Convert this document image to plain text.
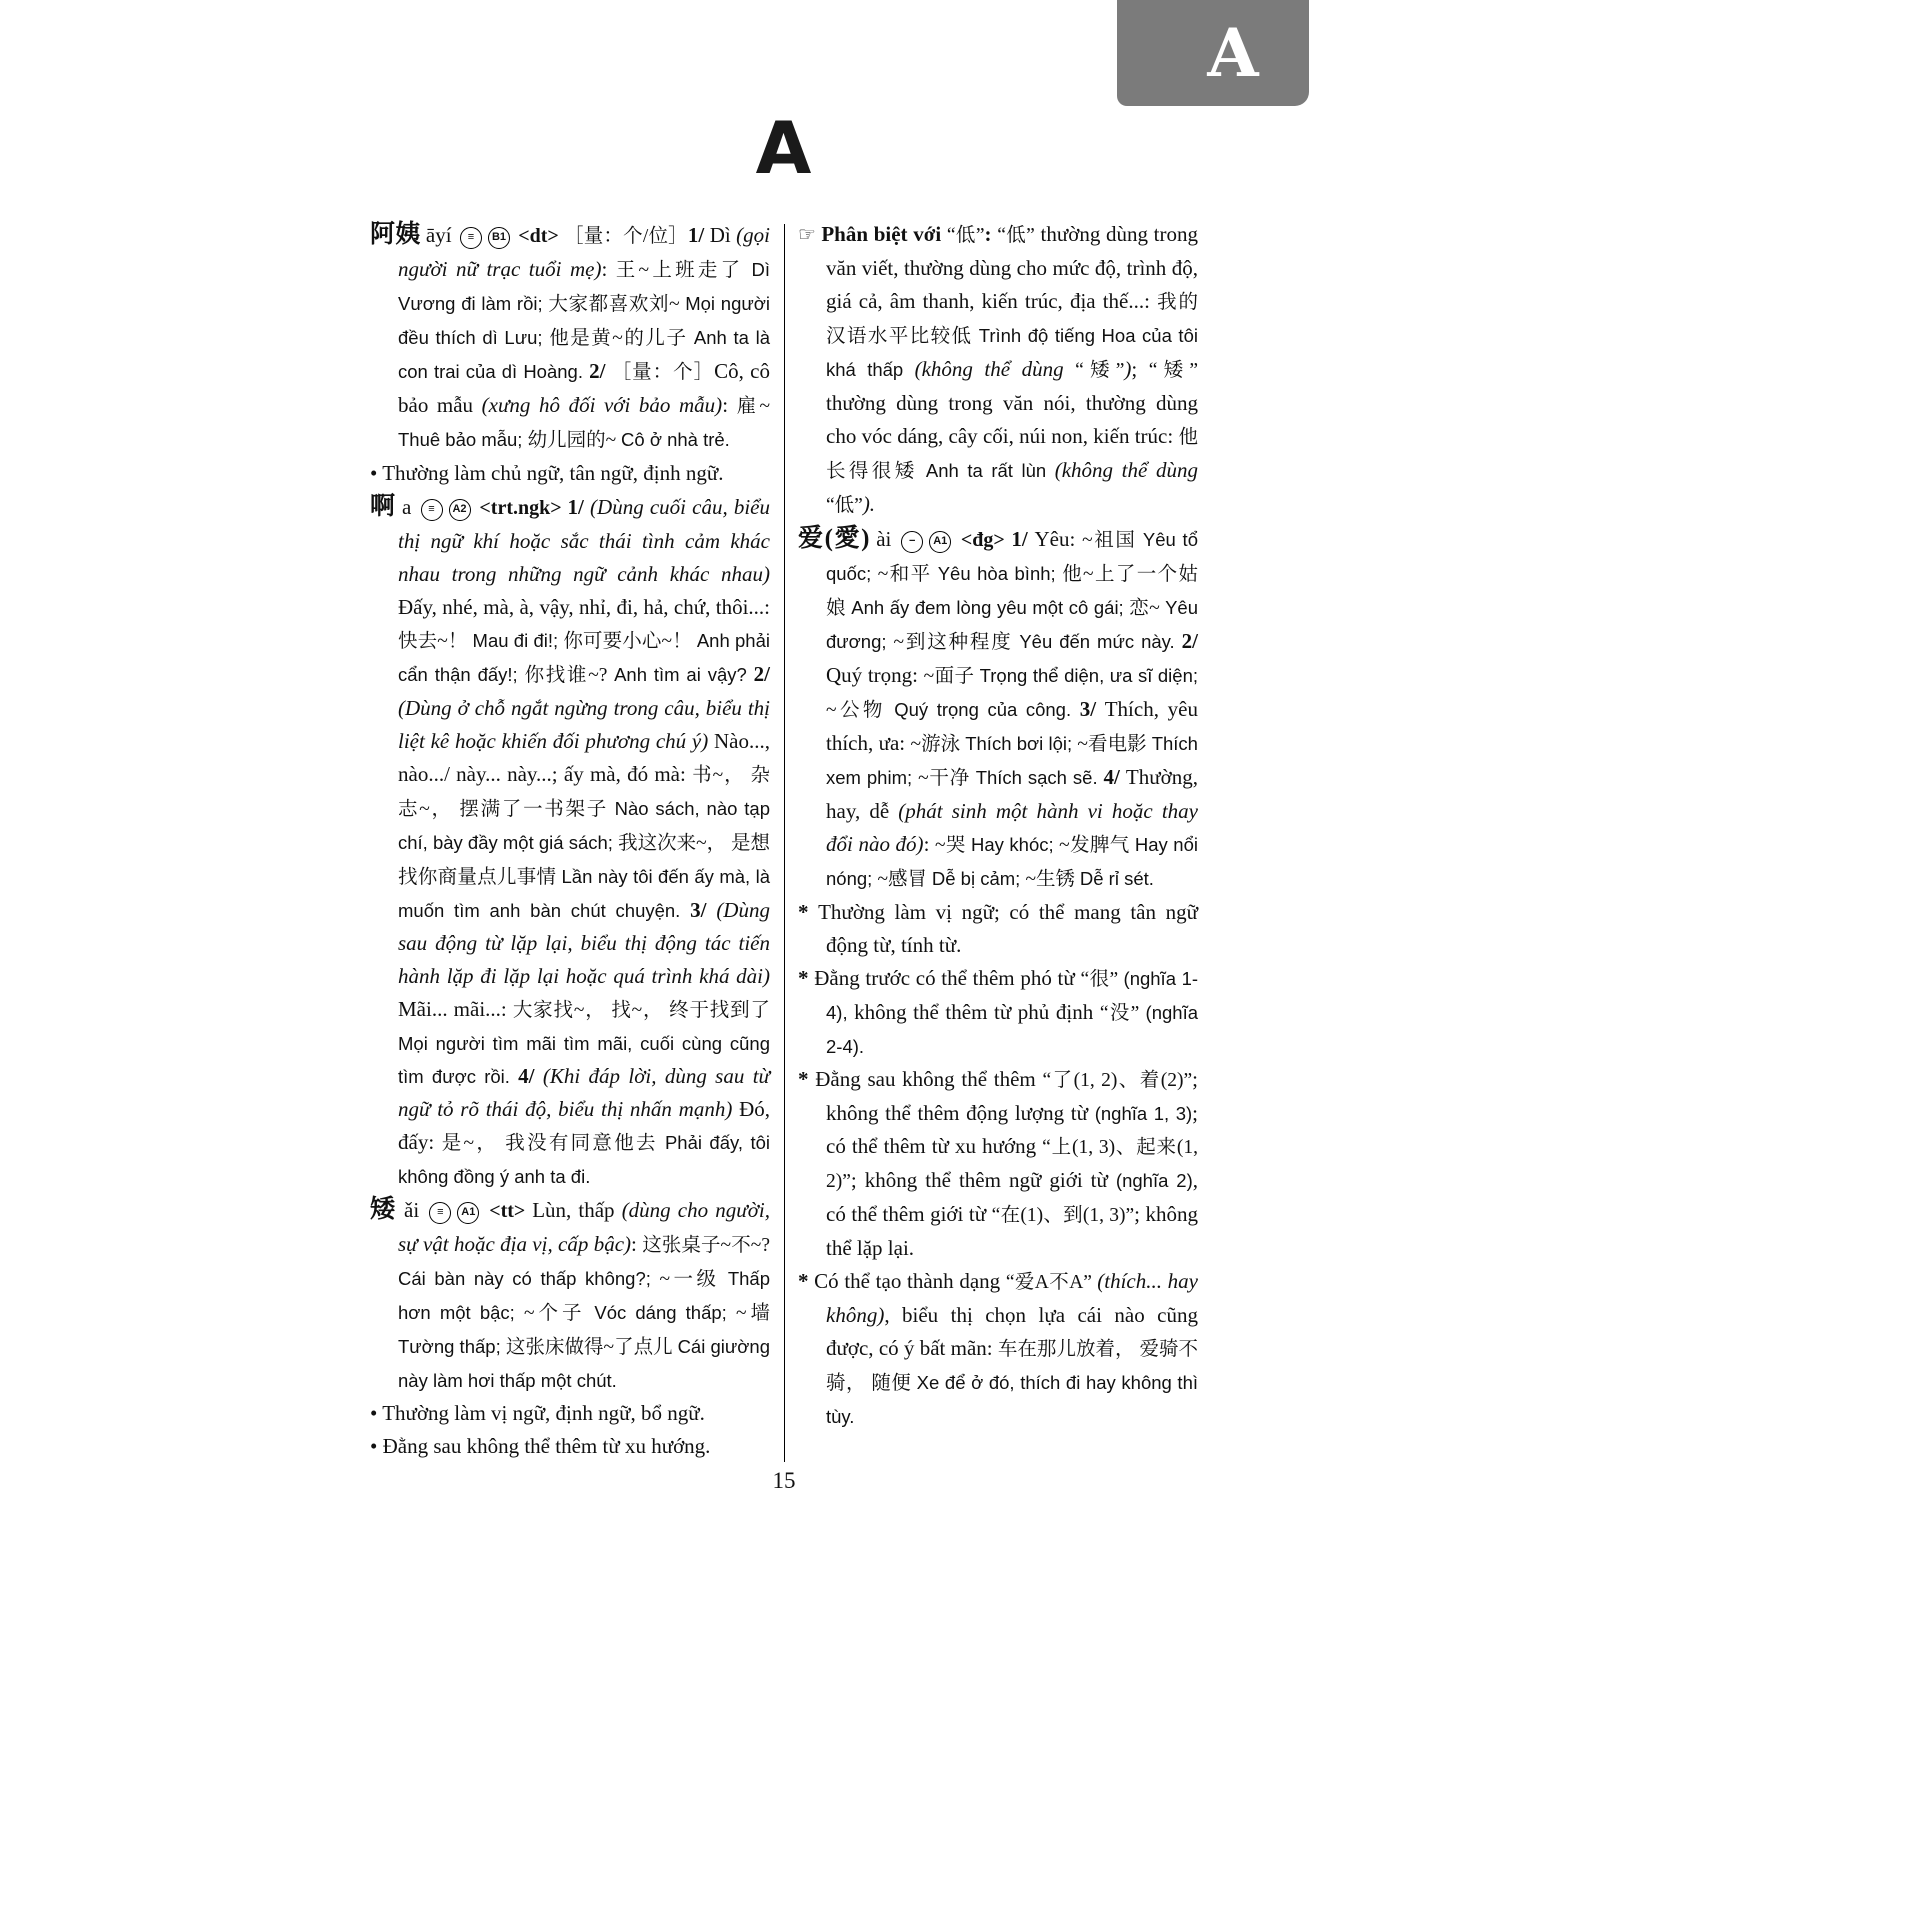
A
A
阿姨 āyí ≡ B1 <dt> ［量：个/位］1/ Dì (gọi người nữ trạc tuổi mẹ): 王~上班走了 Dì Vương đi làm rồi; 大家都喜欢刘~ Mọi người đều thích dì Lưu; 他是黄~的儿子 Anh ta là con trai của dì Hoàng. 2/ ［量：个］Cô, cô bảo mẫu (xưng hô đối với bảo mẫu): 雇~ Thuê bảo mẫu; 幼儿园的~ Cô ở nhà trẻ.
• Thường làm chủ ngữ, tân ngữ, định ngữ.
啊 a ≡ A2 <trt.ngk> 1/ (Dùng cuối câu, biểu thị ngữ khí hoặc sắc thái tình cảm khác nhau trong những ngữ cảnh khác nhau) Đấy, nhé, mà, à, vậy, nhỉ, đi, hả, chứ, thôi...: 快去~！ Mau đi đi!; 你可要小心~！ Anh phải cẩn thận đấy!; 你找谁~? Anh tìm ai vậy? 2/ (Dùng ở chỗ ngắt ngừng trong câu, biểu thị liệt kê hoặc khiến đối phương chú ý) Nào..., nào.../ này... này...; ấy mà, đó mà: 书~， 杂志~， 摆满了一书架子 Nào sách, nào tạp chí, bày đầy một giá sách; 我这次来~， 是想找你商量点儿事情 Lần này tôi đến ấy mà, là muốn tìm anh bàn chút chuyện. 3/ (Dùng sau động từ lặp lại, biểu thị động tác tiến hành lặp đi lặp lại hoặc quá trình khá dài) Mãi... mãi...: 大家找~， 找~， 终于找到了 Mọi người tìm mãi tìm mãi, cuối cùng cũng tìm được rồi. 4/ (Khi đáp lời, dùng sau từ ngữ tỏ rõ thái độ, biểu thị nhấn mạnh) Đó, đấy: 是~， 我没有同意他去 Phải đấy, tôi không đồng ý anh ta đi.
矮 ǎi ≡ A1 <tt> Lùn, thấp (dùng cho người, sự vật hoặc địa vị, cấp bậc): 这张桌子~不~? Cái bàn này có thấp không?; ~一级 Thấp hơn một bậc; ~个子 Vóc dáng thấp; ~墙 Tường thấp; 这张床做得~了点儿 Cái giường này làm hơi thấp một chút.
• Thường làm vị ngữ, định ngữ, bổ ngữ.
• Đằng sau không thể thêm từ xu hướng.
☞ Phân biệt với “低”: “低” thường dùng trong văn viết, thường dùng cho mức độ, trình độ, giá cả, âm thanh, kiến trúc, địa thế...: 我的汉语水平比较低 Trình độ tiếng Hoa của tôi khá thấp (không thể dùng “矮”); “矮” thường dùng trong văn nói, thường dùng cho vóc dáng, cây cối, núi non, kiến trúc: 他长得很矮 Anh ta rất lùn (không thể dùng “低”).
爱(愛) ài − A1 <đg> 1/ Yêu: ~祖国 Yêu tổ quốc; ~和平 Yêu hòa bình; 他~上了一个姑娘 Anh ấy đem lòng yêu một cô gái; 恋~ Yêu đương; ~到这种程度 Yêu đến mức này. 2/ Quý trọng: ~面子 Trọng thể diện, ưa sĩ diện; ~公物 Quý trọng của công. 3/ Thích, yêu thích, ưa: ~游泳 Thích bơi lội; ~看电影 Thích xem phim; ~干净 Thích sạch sẽ. 4/ Thường, hay, dễ (phát sinh một hành vi hoặc thay đổi nào đó): ~哭 Hay khóc; ~发脾气 Hay nổi nóng; ~感冒 Dễ bị cảm; ~生锈 Dễ rỉ sét.
* Thường làm vị ngữ; có thể mang tân ngữ động từ, tính từ.
* Đằng trước có thể thêm phó từ “很” (nghĩa 1-4), không thể thêm từ phủ định “没” (nghĩa 2-4).
* Đằng sau không thể thêm “了(1, 2)、着(2)”; không thể thêm động lượng từ (nghĩa 1, 3); có thể thêm từ xu hướng “上(1, 3)、起来(1, 2)”; không thể thêm ngữ giới từ (nghĩa 2), có thể thêm giới từ “在(1)、到(1, 3)”; không thể lặp lại.
* Có thể tạo thành dạng “爱A不A” (thích... hay không), biểu thị chọn lựa cái nào cũng được, có ý bất mãn: 车在那儿放着， 爱骑不骑， 随便 Xe để ở đó, thích đi hay không thì tùy.
15
